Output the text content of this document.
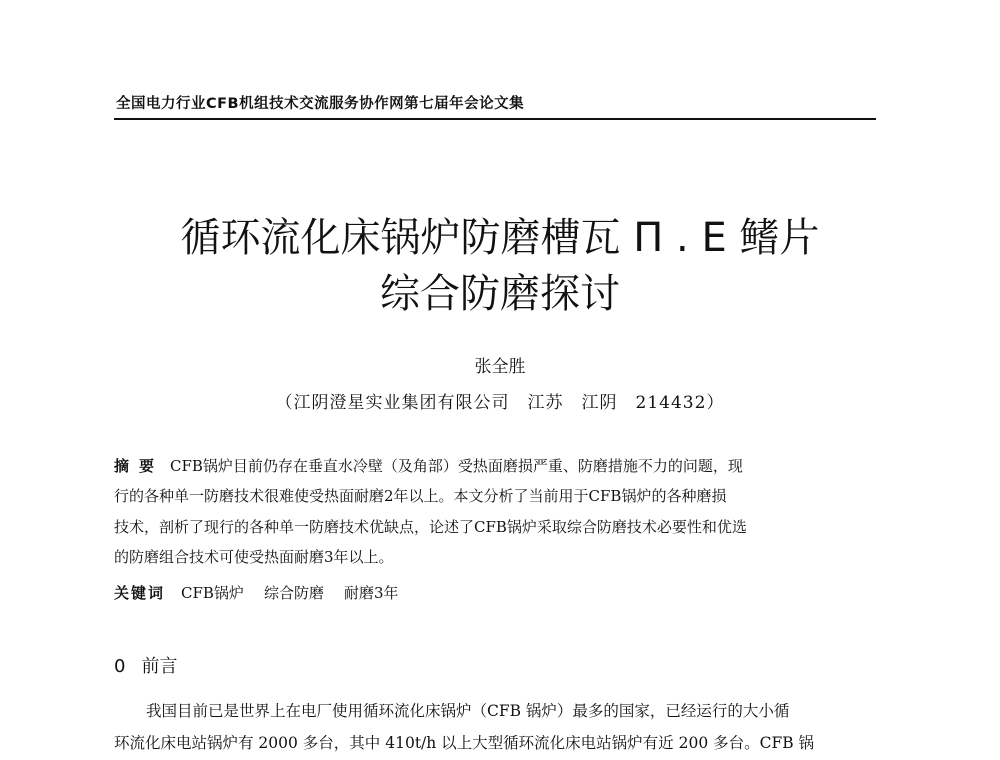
全国电力行业CFB机组技术交流服务协作网第七届年会论文集
循环流化床锅炉防磨槽瓦 Π . E 鳍片
综合防磨探讨
张全胜
（江阴澄星实业集团有限公司　江苏　江阴　214432）
摘要 CFB锅炉目前仍存在垂直水冷壁（及角部）受热面磨损严重、防磨措施不力的问题，现
行的各种单一防磨技术很难使受热面耐磨2年以上。本文分析了当前用于CFB锅炉的各种磨损
技术，剖析了现行的各种单一防磨技术优缺点，论述了CFB锅炉采取综合防磨技术必要性和优选
的防磨组合技术可使受热面耐磨3年以上。
关键词 CFB锅炉 综合防磨 耐磨3年
0 前言
我国目前已是世界上在电厂使用循环流化床锅炉（CFB 锅炉）最多的国家，已经运行的大小循
环流化床电站锅炉有 2000 多台，其中 410t/h 以上大型循环流化床电站锅炉有近 200 多台。CFB 锅
